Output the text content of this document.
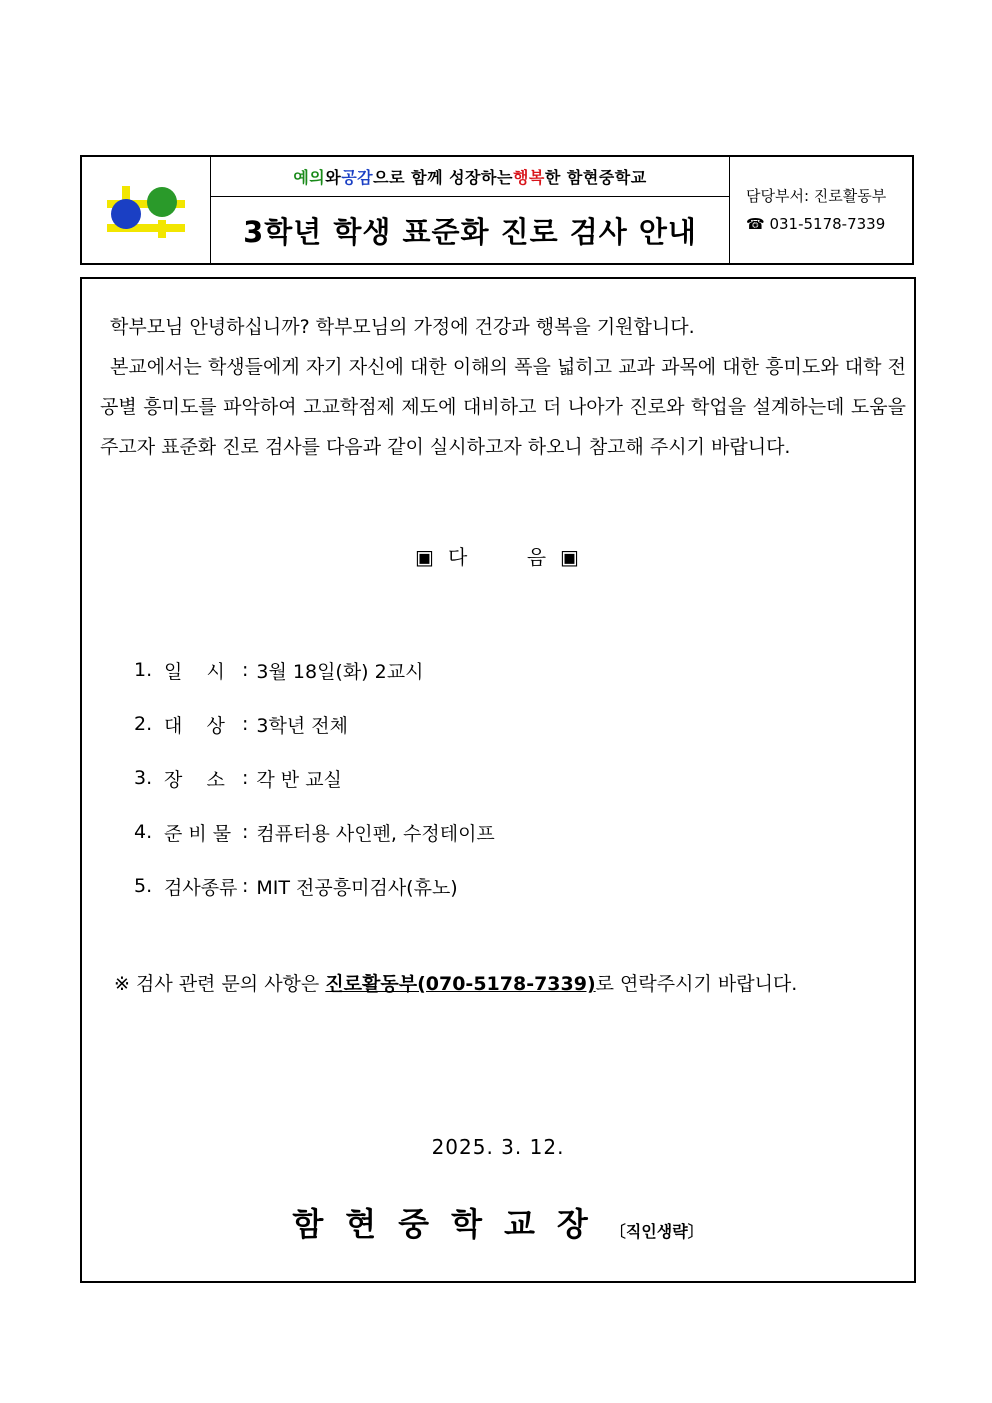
예의 와 공감 으로 함께 성장하는 행복 한 함현중학교
3학년 학생 표준화 진로 검사 안내
담당부서: 진로활동부
☎ 031-5178-7339

학부모님 안녕하십니까? 학부모님의 가정에 건강과 행복을 기원합니다.

본교에서는 학생들에게 자기 자신에 대한 이해의 폭을 넓히고 교과 과목에 대한 흥미도와 대학 전공별 흥미도를 파악하여 고교학점제 제도에 대비하고 더 나아가 진로와 학업을 설계하는데 도움을 주고자 표준화 진로 검사를 다음과 같이 실시하고자 하오니 참고해 주시기 바랍니다.

▣ 다	음 ▣
1. 일    시 : 3월 18일(화) 2교시
2. 대    상 : 3학년 전체
3. 장    소 : 각 반 교실
4. 준 비 물 : 컴퓨터용 사인펜, 수정테이프
5. 검사종류 : MIT 전공흥미검사(휴노)
※ 검사 관련 문의 사항은 진로활동부(070-5178-7339)로 연락주시기 바랍니다.
2025. 3. 12.
함현중학교장〔직인생략〕
